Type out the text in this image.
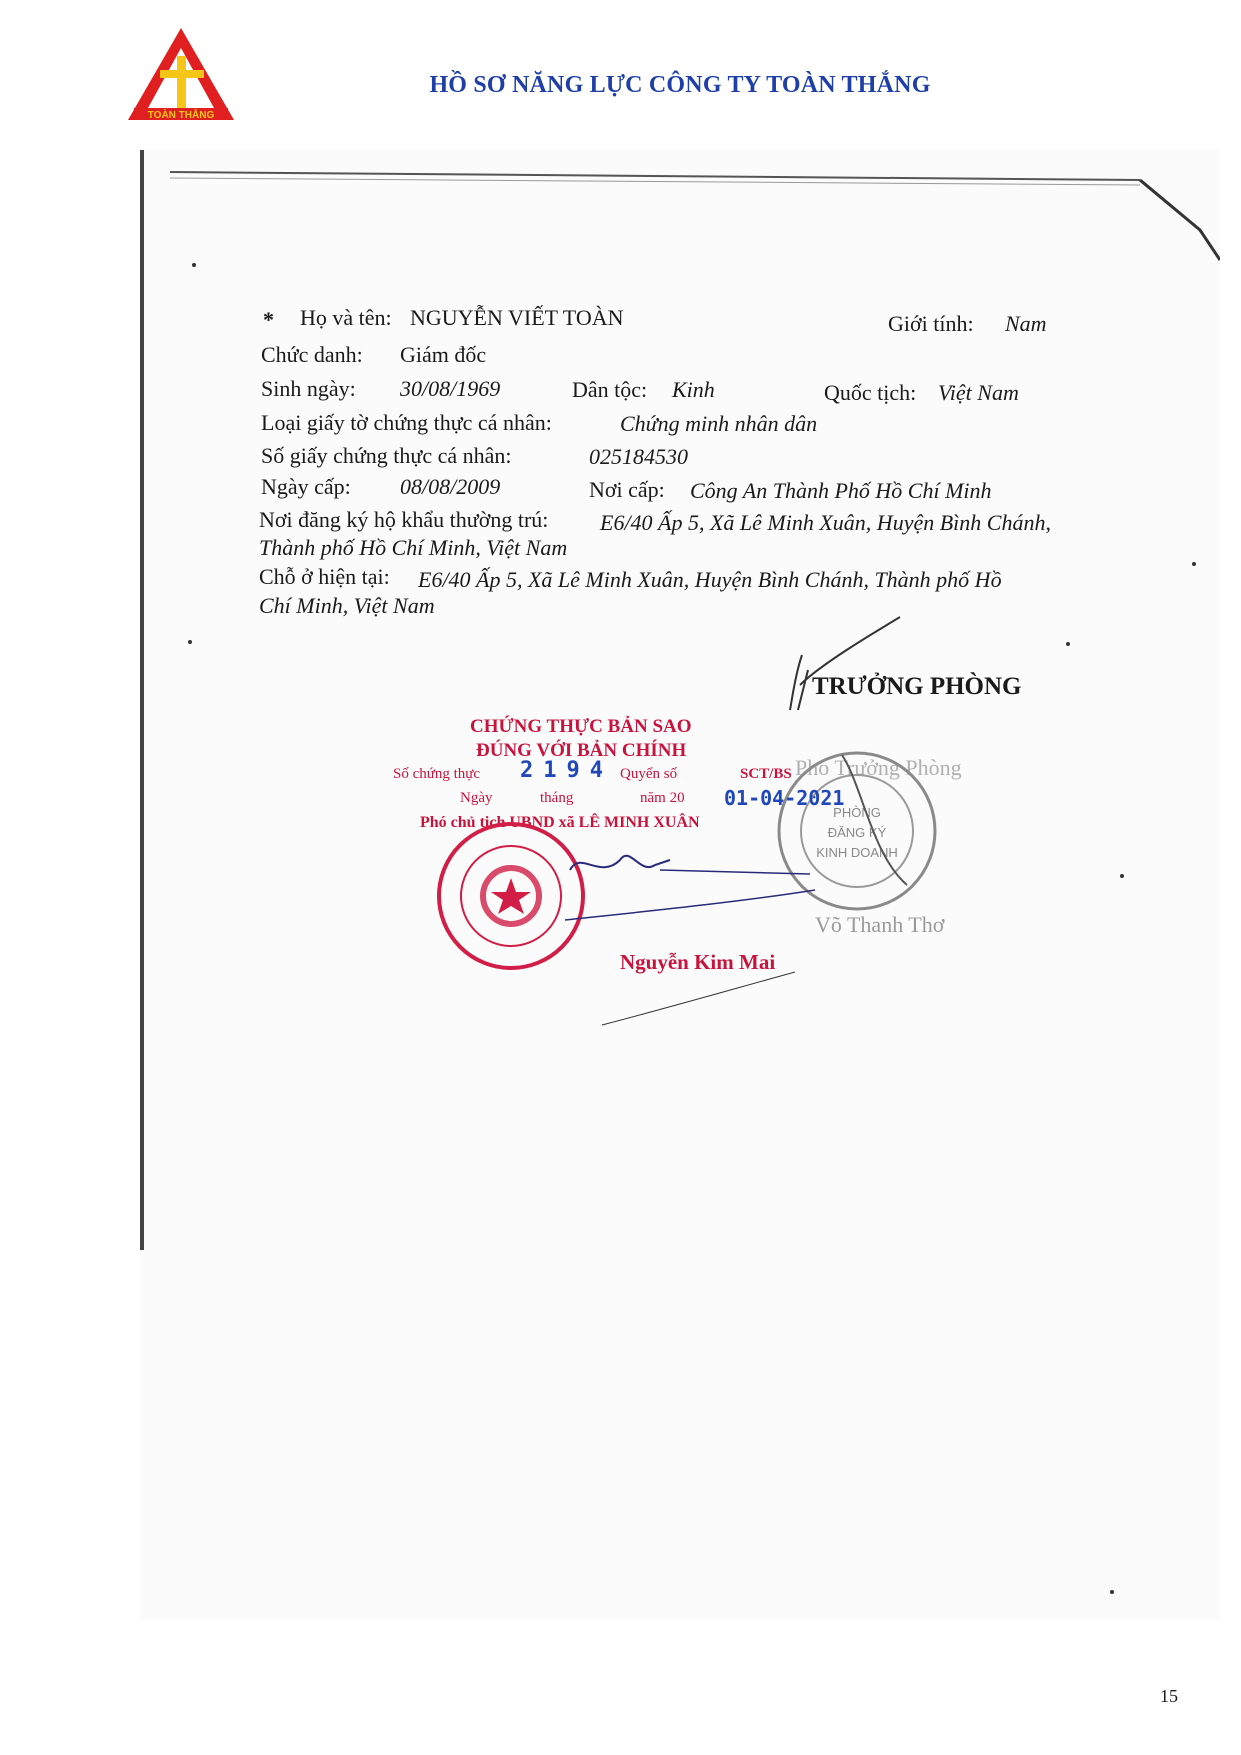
TOÀN THẮNG
HỒ SƠ NĂNG LỰC CÔNG TY TOÀN THẮNG
* Họ và tên: NGUYỄN VIẾT TOÀN	Giới tính: Nam
Chức danh: Giám đốc
Sinh ngày: 30/08/1969	Dân tộc: Kinh	Quốc tịch: Việt Nam
Loại giấy tờ chứng thực cá nhân:	Chứng minh nhân dân
Số giấy chứng thực cá nhân:	025184530
Ngày cấp: 08/08/2009	Nơi cấp: Công An Thành Phố Hồ Chí Minh
Nơi đăng ký hộ khẩu thường trú: E6/40 Ấp 5, Xã Lê Minh Xuân, Huyện Bình Chánh,
Thành phố Hồ Chí Minh, Việt Nam
Chỗ ở hiện tại: E6/40 Ấp 5, Xã Lê Minh Xuân, Huyện Bình Chánh, Thành phố Hồ
Chí Minh, Việt Nam
TRƯỞNG PHÒNG
Phó Trưởng Phòng
Võ Thanh Thơ
PHÒNG
ĐĂNG KÝ
KINH DOANH
CHỨNG THỰC BẢN SAO
ĐÚNG VỚI BẢN CHÍNH
Số chứng thực 2194 Quyển số	SCT/BS
Ngày	tháng	năm 20 01-04-2021
Phó chủ tịch UBND xã LÊ MINH XUÂN
Nguyễn Kim Mai
15
